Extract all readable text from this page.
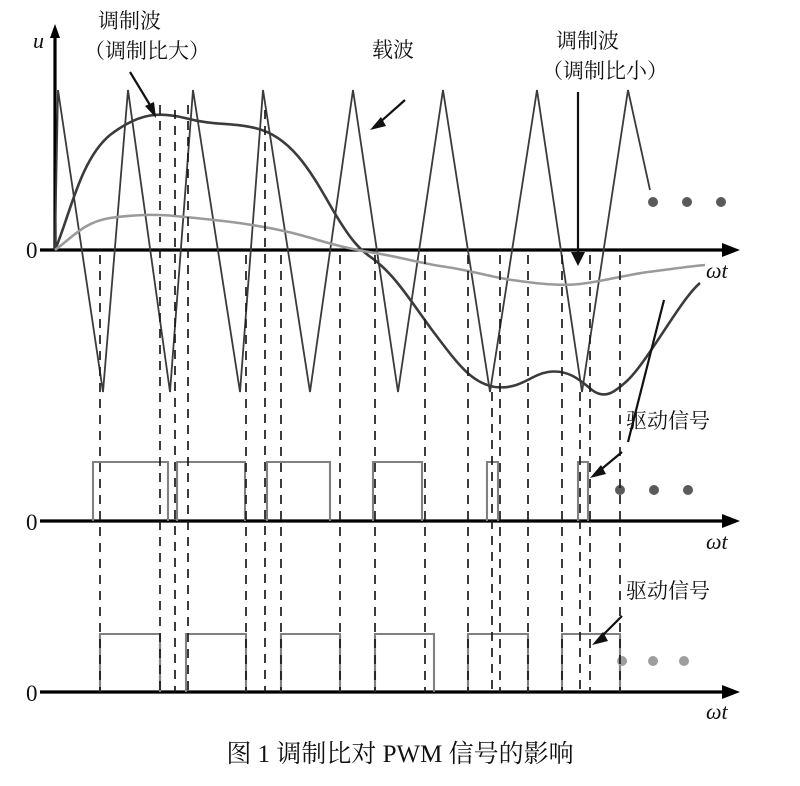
u
0
ωt
0
ωt
0
ωt
调制波
（调制比大）	载波	调制波
（调制比小）
驱动信号
驱动信号
图 1 调制比对 PWM 信号的影响
